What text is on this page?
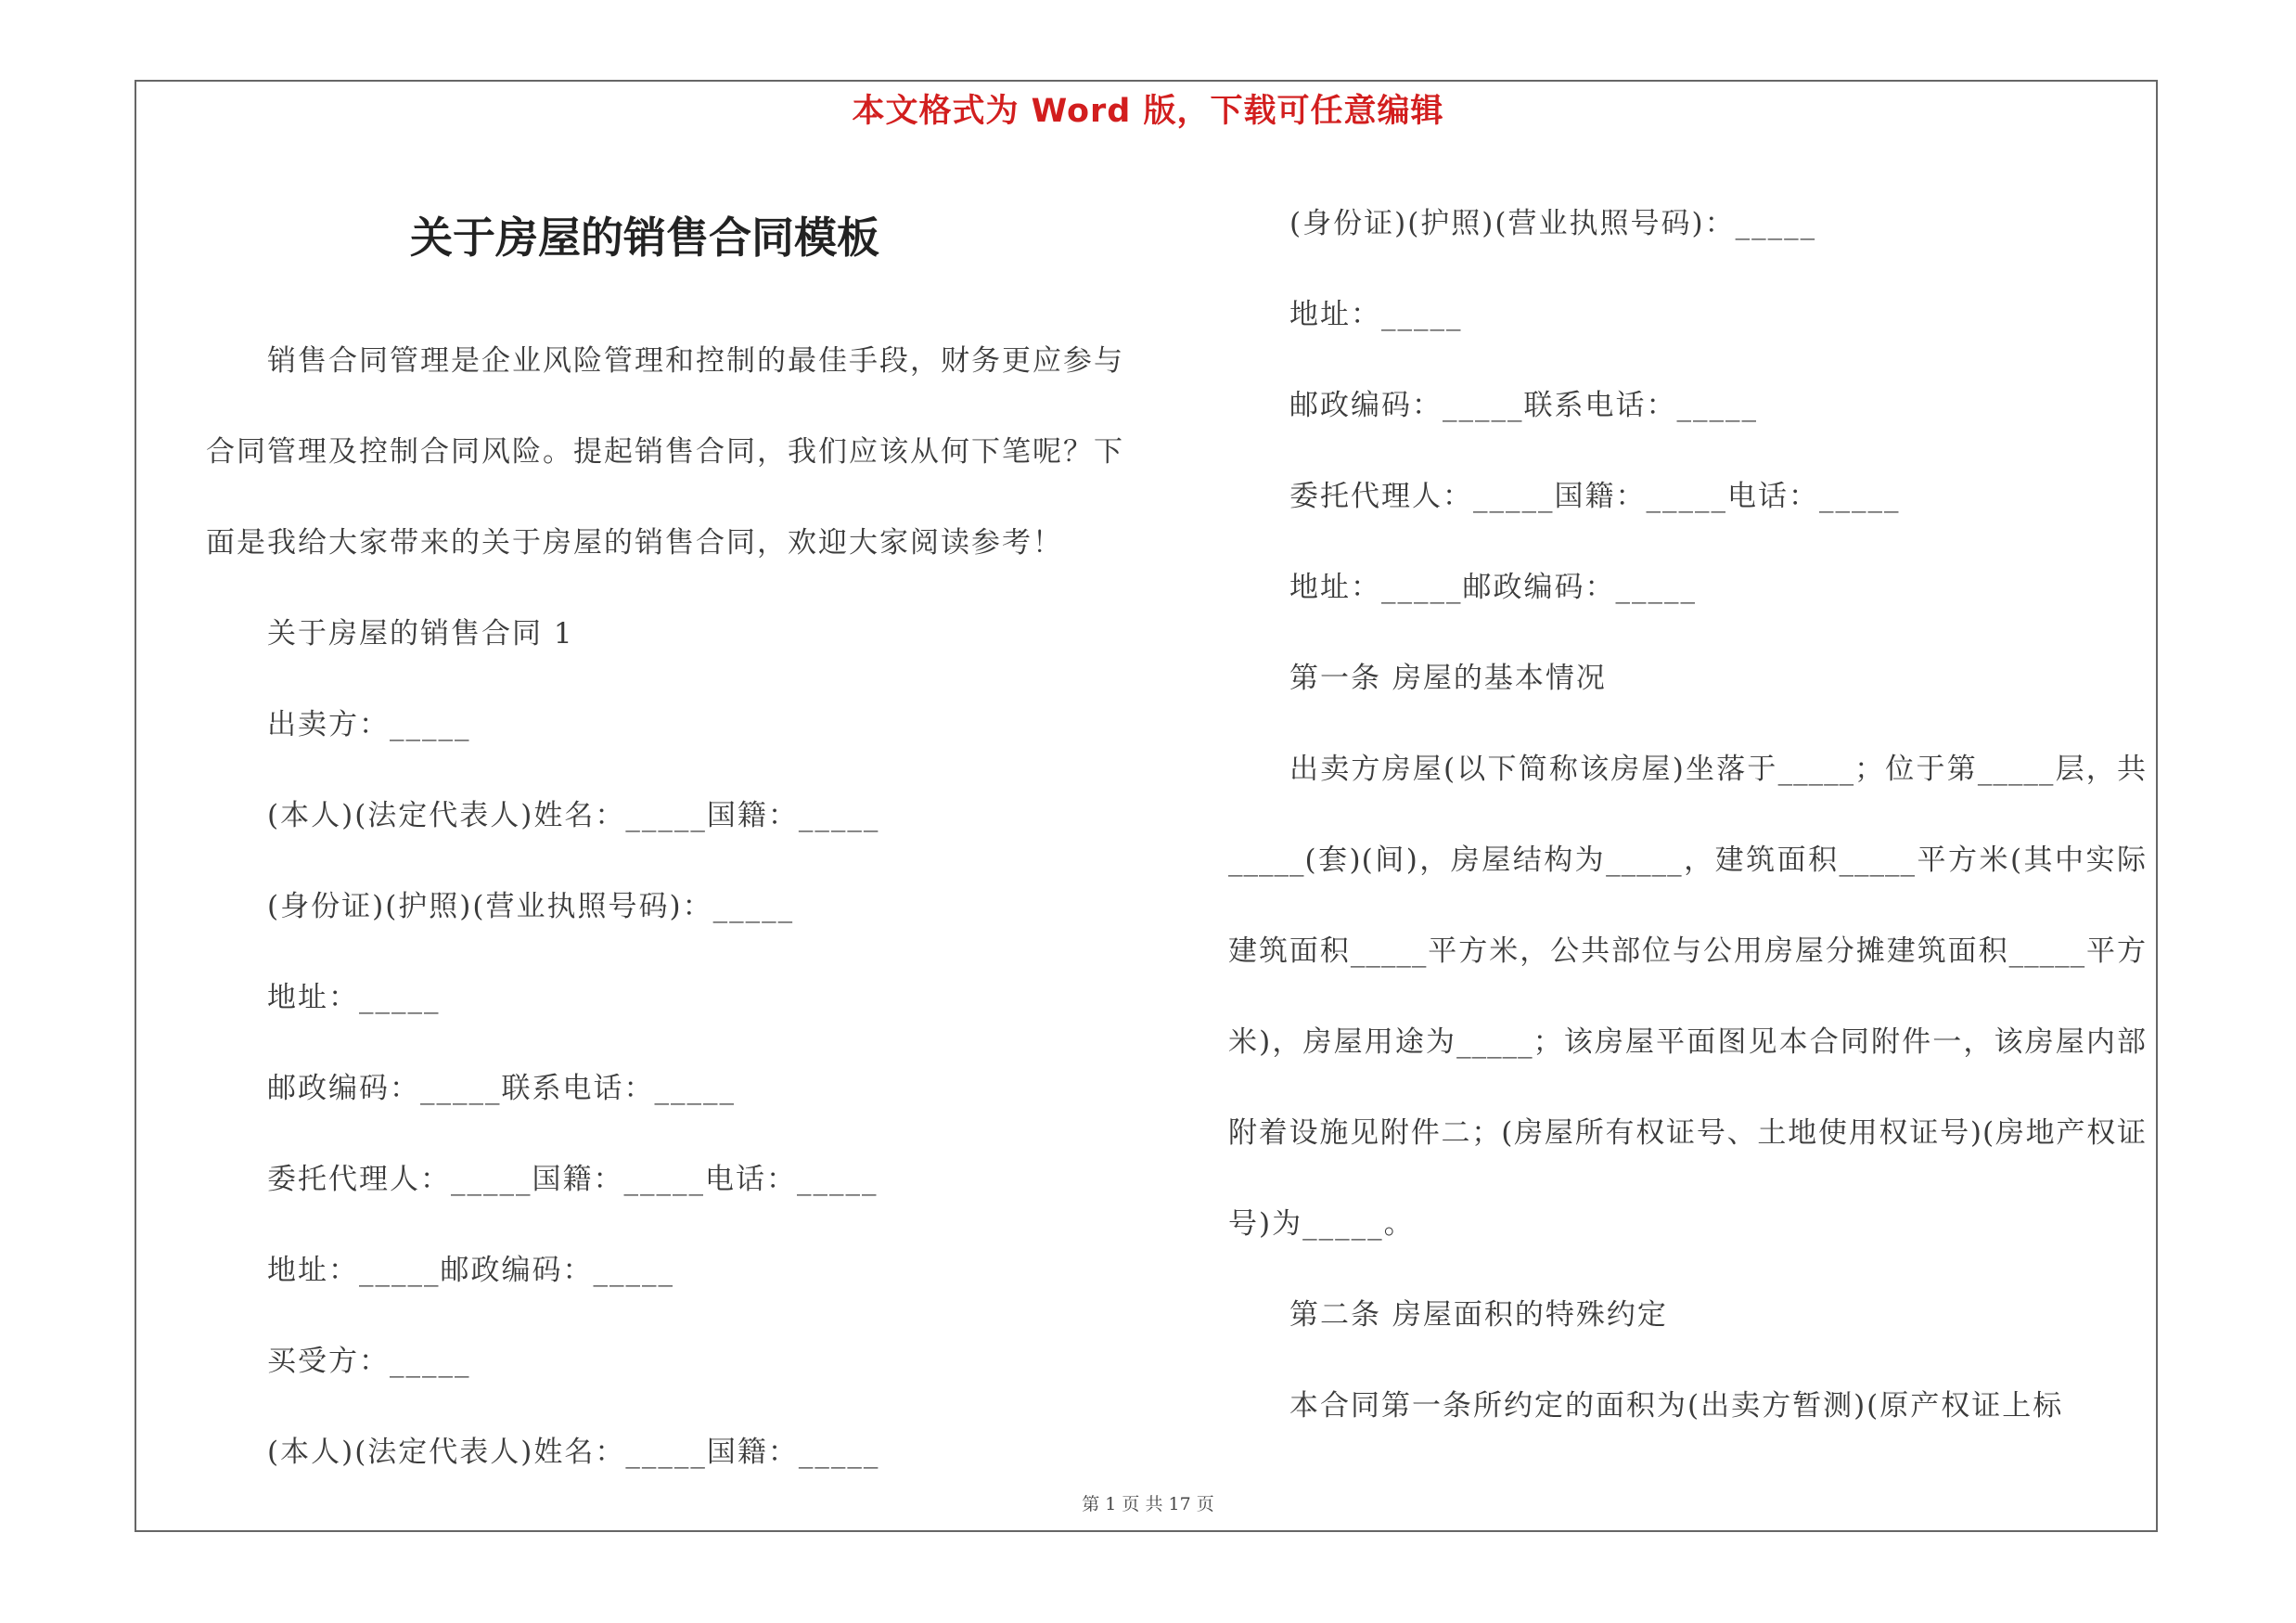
本文格式为 Word 版，下载可任意编辑
关于房屋的销售合同模板
销售合同管理是企业风险管理和控制的最佳手段，财务更应参与
合同管理及控制合同风险。提起销售合同，我们应该从何下笔呢？下
面是我给大家带来的关于房屋的销售合同，欢迎大家阅读参考！
关于房屋的销售合同 1
出卖方：_____
(本人)(法定代表人)姓名：_____国籍：_____
(身份证)(护照)(营业执照号码)：_____
地址：_____
邮政编码：_____联系电话：_____
委托代理人：_____国籍：_____电话：_____
地址：_____邮政编码：_____
买受方：_____
(本人)(法定代表人)姓名：_____国籍：_____
(身份证)(护照)(营业执照号码)：_____
地址：_____
邮政编码：_____联系电话：_____
委托代理人：_____国籍：_____电话：_____
地址：_____邮政编码：_____
第一条 房屋的基本情况
出卖方房屋(以下简称该房屋)坐落于_____；位于第_____层，共
_____(套)(间)，房屋结构为_____，建筑面积_____平方米(其中实际
建筑面积_____平方米，公共部位与公用房屋分摊建筑面积_____平方
米)，房屋用途为_____；该房屋平面图见本合同附件一，该房屋内部
附着设施见附件二；(房屋所有权证号、土地使用权证号)(房地产权证
号)为_____。
第二条 房屋面积的特殊约定
本合同第一条所约定的面积为(出卖方暂测)(原产权证上标
第 1 页 共 17 页
